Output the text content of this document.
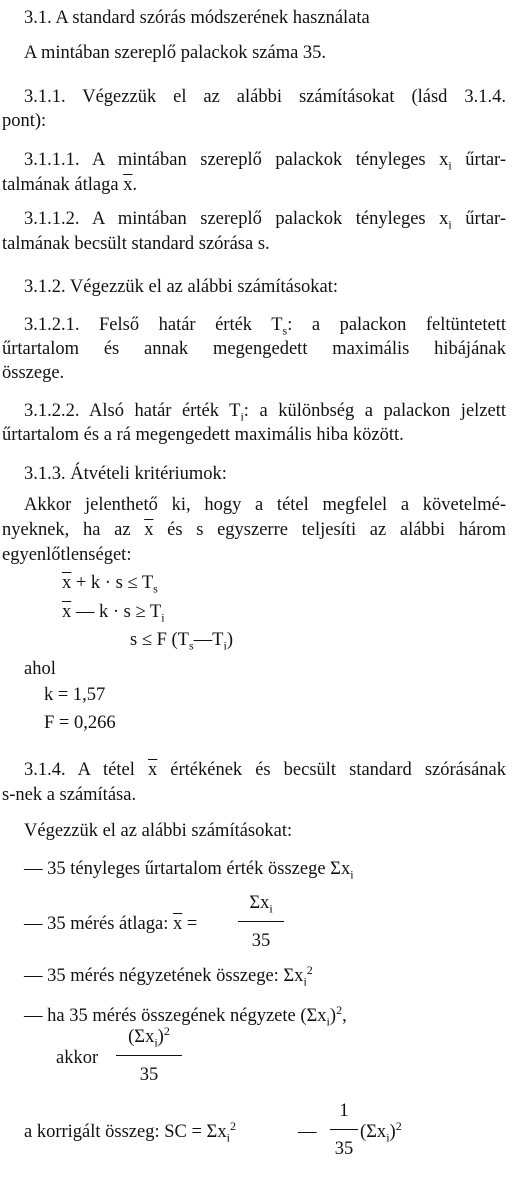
3.1. A standard szórás módszerének használata
A mintában szereplő palackok száma 35.
3.1.1. Végezzük el az alábbi számításokat (lásd 3.1.4.
pont):
3.1.1.1. A mintában szereplő palackok tényleges $x_i$ űrtar-
talmának átlaga $\overline{x}$.
3.1.1.2. A mintában szereplő palackok tényleges $x_i$ űrtar-
talmának becsült standard szórása s.
3.1.2. Végezzük el az alábbi számításokat:
3.1.2.1. Felső határ érték $T_s$: a palackon feltüntetett
űrtartalom és annak megengedett maximális hibájának
összege.
3.1.2.2. Alsó határ érték $T_i$: a különbség a palackon jelzett
űrtartalom és a rá megengedett maximális hiba között.
3.1.3. Átvételi kritériumok:
Akkor jelenthető ki, hogy a tétel megfelel a követelmé-
nyeknek, ha az $\overline{x}$ és s egyszerre teljesíti az alábbi három
egyenlőtlenséget:
$\overline{x} + k \cdot s \le T_s$
$\overline{x}$ — $k \cdot s \ge T_i$
s ≤ F $(T_s—T_i)$
ahol
k = 1,57
F = 0,266
3.1.4. A tétel $\overline{x}$ értékének és becsült standard szórásának
s-nek a számítása.
Végezzük el az alábbi számításokat:
— 35 tényleges űrtartalom érték összege $\Sigma x_i$
— 35 mérés átlaga: $\overline{x}$ =
$\Sigma x_i$
35
— 35 mérés négyzetének összege: $\Sigma x_i^2$
— ha 35 mérés összegének négyzete $(\Sigma x_i)^2$,
akkor
$(\Sigma x_i)^2$
35
a korrigált összeg: SC = $\Sigma x_i^2$	—
1
35
$(\Sigma x_i)^2$
